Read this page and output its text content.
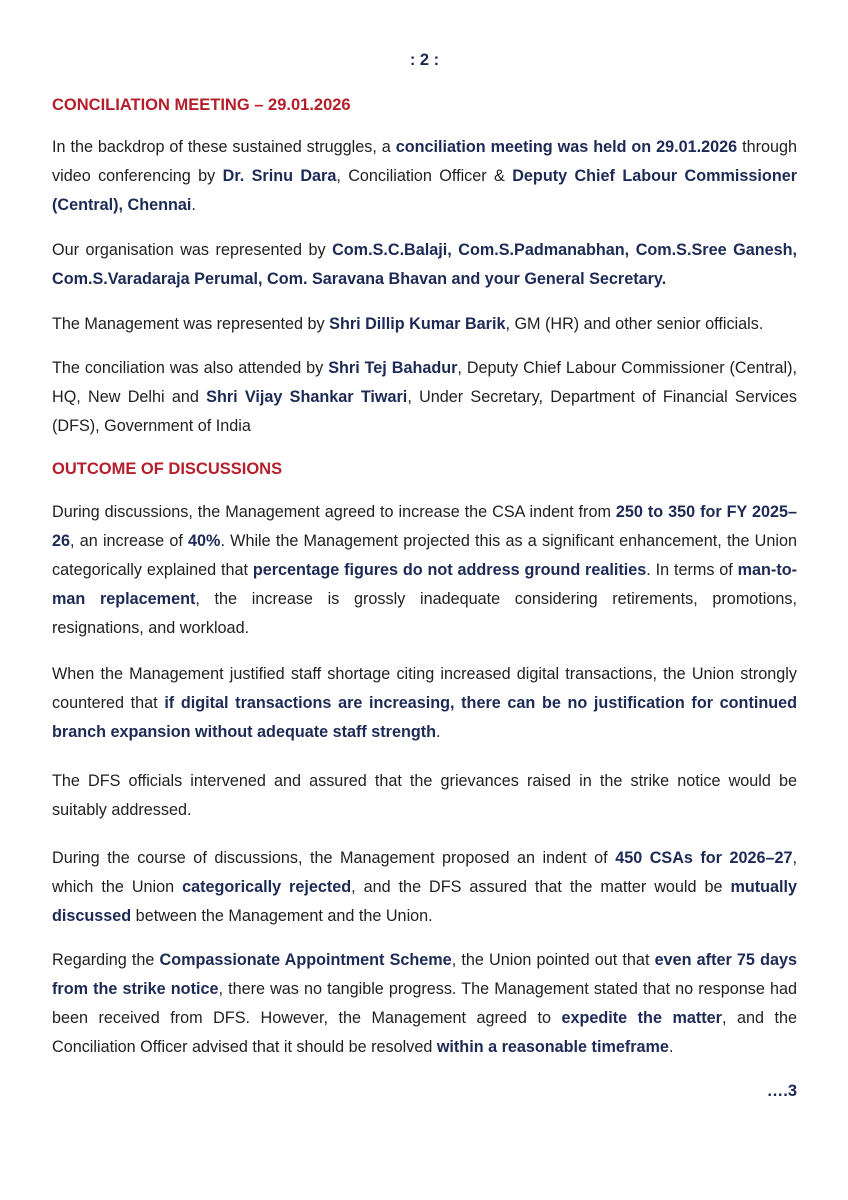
: 2 :

CONCILIATION MEETING – 29.01.2026

In the backdrop of these sustained struggles, a conciliation meeting was held on 29.01.2026 through video conferencing by Dr. Srinu Dara, Conciliation Officer & Deputy Chief Labour Commissioner (Central), Chennai.

Our organisation was represented by Com.S.C.Balaji, Com.S.Padmanabhan, Com.S.Sree Ganesh, Com.S.Varadaraja Perumal, Com. Saravana Bhavan and your General Secretary.

The Management was represented by Shri Dillip Kumar Barik, GM (HR) and other senior officials.

The conciliation was also attended by Shri Tej Bahadur, Deputy Chief Labour Commissioner (Central), HQ, New Delhi and Shri Vijay Shankar Tiwari, Under Secretary, Department of Financial Services (DFS), Government of India

OUTCOME OF DISCUSSIONS

During discussions, the Management agreed to increase the CSA indent from 250 to 350 for FY 2025–26, an increase of 40%. While the Management projected this as a significant enhancement, the Union categorically explained that percentage figures do not address ground realities. In terms of man-to-man replacement, the increase is grossly inadequate considering retirements, promotions, resignations, and workload.

When the Management justified staff shortage citing increased digital transactions, the Union strongly countered that if digital transactions are increasing, there can be no justification for continued branch expansion without adequate staff strength.

The DFS officials intervened and assured that the grievances raised in the strike notice would be suitably addressed.

During the course of discussions, the Management proposed an indent of 450 CSAs for 2026–27, which the Union categorically rejected, and the DFS assured that the matter would be mutually discussed between the Management and the Union.

Regarding the Compassionate Appointment Scheme, the Union pointed out that even after 75 days from the strike notice, there was no tangible progress. The Management stated that no response had been received from DFS. However, the Management agreed to expedite the matter, and the Conciliation Officer advised that it should be resolved within a reasonable timeframe.

….3
